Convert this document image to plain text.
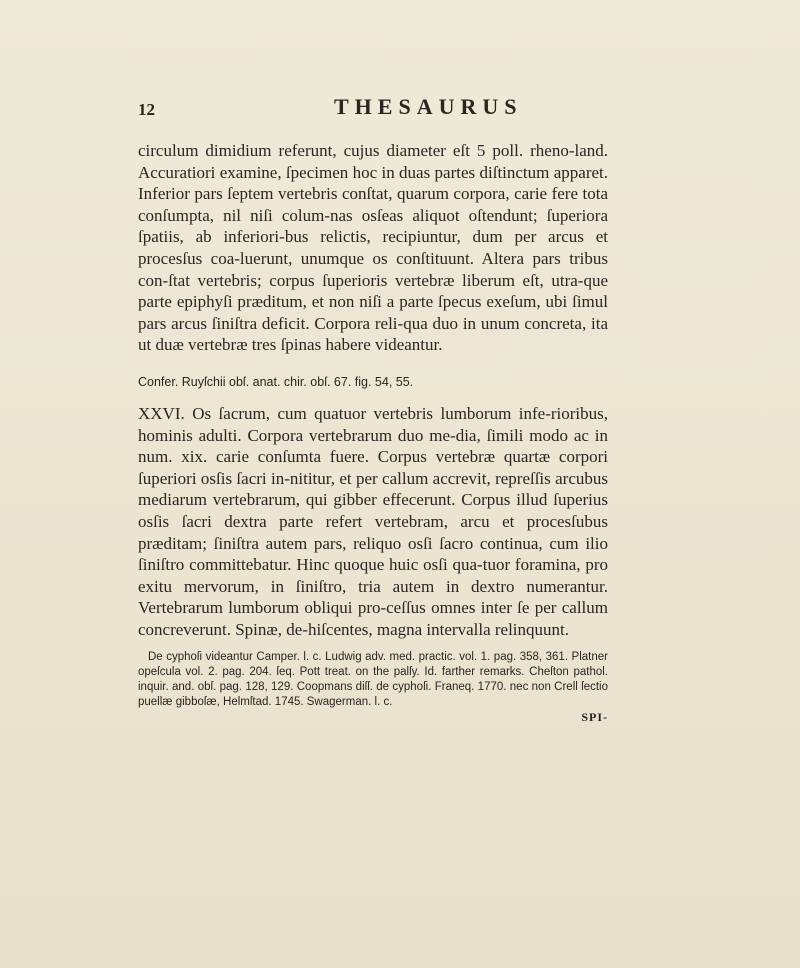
12	THESAURUS

circulum dimidium referunt, cujus diameter eſt 5 poll. rheno-land. Accuratiori examine, ſpecimen hoc in duas partes diſtinctum apparet. Inferior pars ſeptem vertebris conſtat, quarum corpora, carie fere tota conſumpta, nil niſi colum-nas osſeas aliquot oſtendunt; ſuperiora ſpatiis, ab inferiori-bus relictis, recipiuntur, dum per arcus et procesſus coa-luerunt, unumque os conſtituunt. Altera pars tribus con-ſtat vertebris; corpus ſuperioris vertebræ liberum eſt, utra-que parte epiphyſi præditum, et non niſi a parte ſpecus exeſum, ubi ſimul pars arcus ſiniſtra deficit. Corpora reli-qua duo in unum concreta, ita ut duæ vertebræ tres ſpinas habere videantur.

Confer. Ruyſchii obſ. anat. chir. obſ. 67. fig. 54, 55.

XXVI. Os ſacrum, cum quatuor vertebris lumborum infe-rioribus, hominis adulti. Corpora vertebrarum duo me-dia, ſimili modo ac in num. xix. carie conſumta fuere. Corpus vertebræ quartæ corpori ſuperiori osſis ſacri in-nititur, et per callum accrevit, repreſſis arcubus mediarum vertebrarum, qui gibber effecerunt. Corpus illud ſuperius osſis ſacri dextra parte refert vertebram, arcu et procesſubus præditam; ſiniſtra autem pars, reliquo osſi ſacro continua, cum ilio ſiniſtro committebatur. Hinc quoque huic osſi qua-tuor foramina, pro exitu mervorum, in ſiniſtro, tria autem in dextro numerantur. Vertebrarum lumborum obliqui pro-ceſſus omnes inter ſe per callum concreverunt. Spinæ, de-hiſcentes, magna intervalla relinquunt.

De cyphoſi videantur Camper. l. c. Ludwig adv. med. practic. vol. 1. pag. 358, 361. Platner opeſcula vol. 2. pag. 204. ſeq. Pott treat. on the palſy. Id. farther remarks. Cheſton pathol. inquir. and. obſ. pag. 128, 129. Coopmans diſſ. de cyphoſi. Franeq. 1770. nec non Crell ſectio puellæ gibboſæ, Helmſtad. 1745. Swagerman. l. c.

SPI-
